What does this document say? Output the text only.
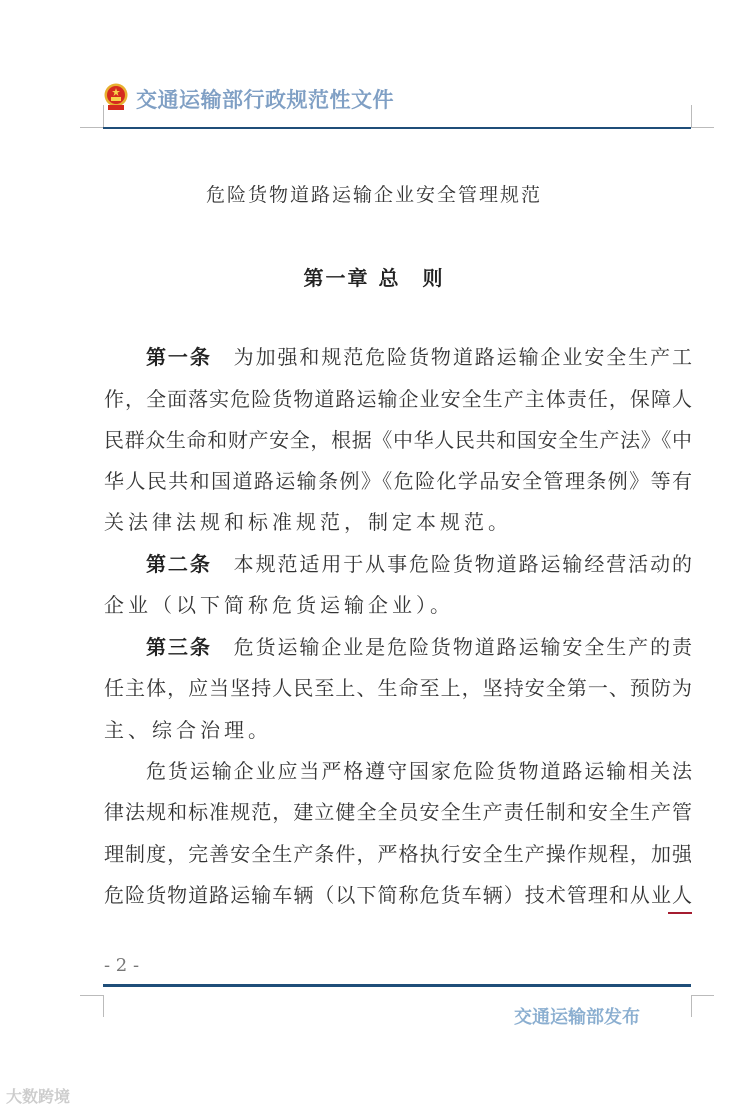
交通运输部行政规范性文件
危险货物道路运输企业安全管理规范
第一章 总　则
第一条　 为加强和规范危险货物道路运输企业安全生产工
作，全面落实危险货物道路运输企业安全生产主体责任，保障人
民群众生命和财产安全，根据《中华人民共和国安全生产法》《中
华人民共和国道路运输条例》《危险化学品安全管理条例》等有
关法律法规和标准规范，制定本规范。
第二条　 本规范适用于从事危险货物道路运输经营活动的
企业（以下简称危货运输企业）。
第三条　 危货运输企业是危险货物道路运输安全生产的责
任主体，应当坚持人民至上、生命至上，坚持安全第一、预防为
主、综合治理。
危货运输企业应当严格遵守国家危险货物道路运输相关法
律法规和标准规范，建立健全全员安全生产责任制和安全生产管
理制度，完善安全生产条件，严格执行安全生产操作规程，加强
危险货物道路运输车辆（以下简称危货车辆）技术管理和从业人
- 2 -
交通运输部发布
大数跨境
